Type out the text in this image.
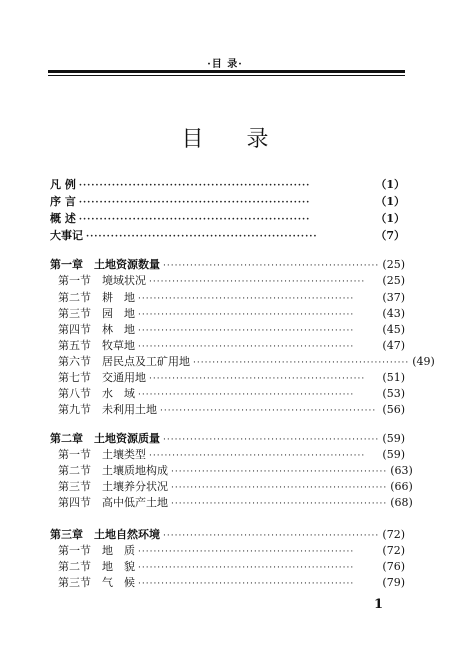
·目 录·
目 录
凡 例 ························································	（1）
序 言 ························································	（1）
概 述 ························································	（1）
大事记 ························································	（7）
第一章　土地资源数量 ························································ (25)
第一节　境域状况 ························································	(25)
第二节　耕　地 ························································	(37)
第三节　园　地 ························································	(43)
第四节　林　地 ························································	(45)
第五节　牧草地 ························································	(47)
第六节　居民点及工矿用地 ························································ (49)
第七节　交通用地 ························································	(51)
第八节　水　域 ························································	(53)
第九节　未利用土地 ························································ (56)
第二章　土地资源质量 ························································ (59)
第一节　土壤类型 ························································	(59)
第二节　土壤质地构成 ························································ (63)
第三节　土壤养分状况 ························································ (66)
第四节　高中低产土地 ························································ (68)
第三章　土地自然环境 ························································ (72)
第一节　地　质 ························································	(72)
第二节　地　貌 ························································	(76)
第三节　气　候 ························································	(79)
1
